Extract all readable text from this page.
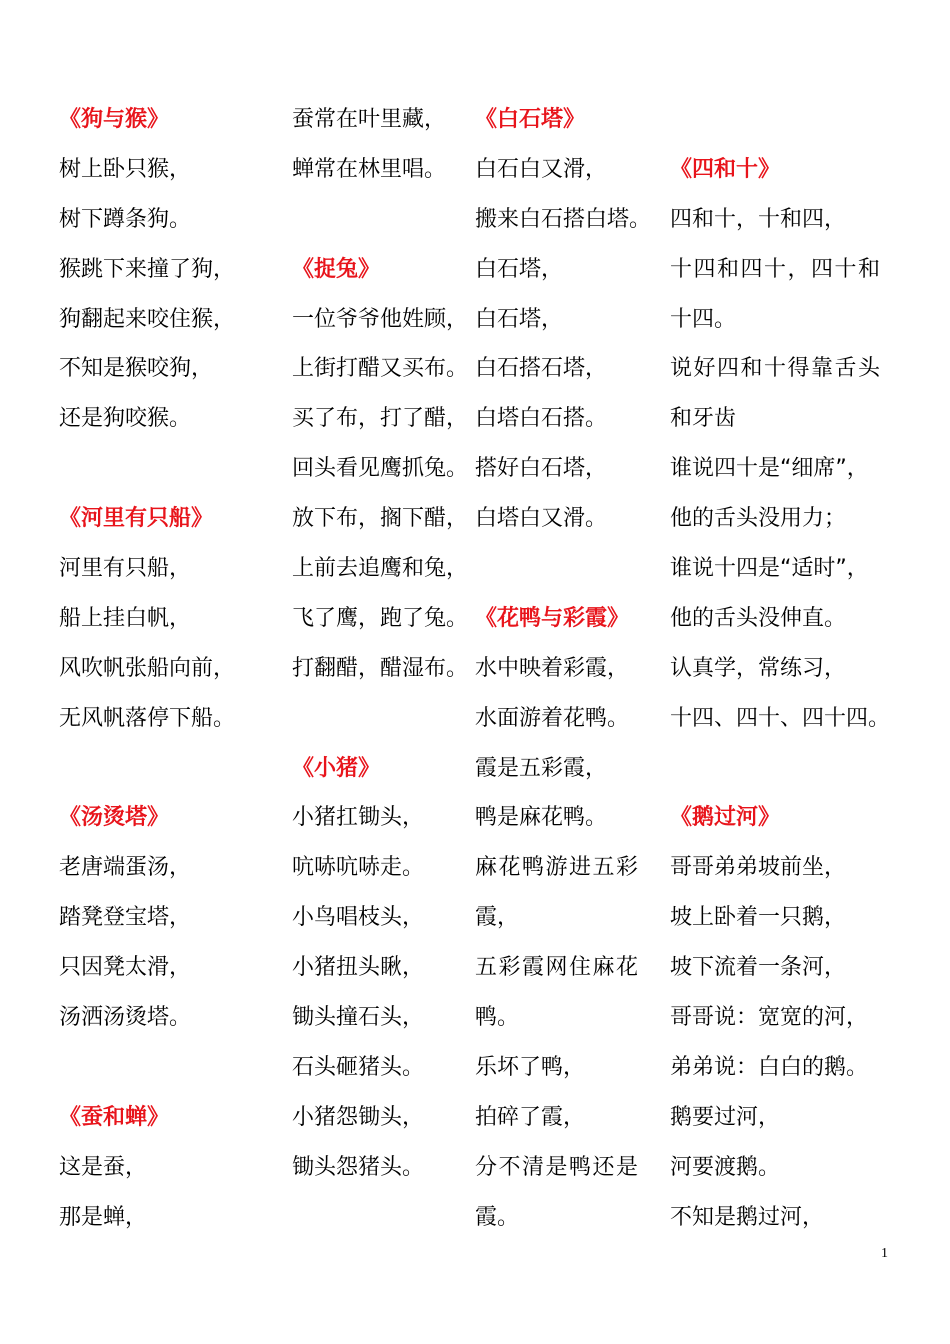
《狗与猴》
树上卧只猴，
树下蹲条狗。
猴跳下来撞了狗，
狗翻起来咬住猴，
不知是猴咬狗，
还是狗咬猴。
《河里有只船》
河里有只船，
船上挂白帆，
风吹帆张船向前，
无风帆落停下船。
《汤烫塔》
老唐端蛋汤，
踏凳登宝塔，
只因凳太滑，
汤洒汤烫塔。
《蚕和蝉》
这是蚕，
那是蝉，
蚕常在叶里藏，
蝉常在林里唱。
《捉兔》
一位爷爷他姓顾，
上街打醋又买布。
买了布，打了醋，
回头看见鹰抓兔。
放下布，搁下醋，
上前去追鹰和兔，
飞了鹰，跑了兔。
打翻醋，醋湿布。
《小猪》
小猪扛锄头，
吭哧吭哧走。
小鸟唱枝头，
小猪扭头瞅，
锄头撞石头，
石头砸猪头。
小猪怨锄头，
锄头怨猪头。
《白石塔》
白石白又滑，
搬来白石搭白塔。
白石塔，
白石塔，
白石搭石塔，
白塔白石搭。
搭好白石塔，
白塔白又滑。
《花鸭与彩霞》
水中映着彩霞，
水面游着花鸭。
霞是五彩霞，
鸭是麻花鸭。
麻花鸭游进五彩
霞，
五彩霞网住麻花
鸭。
乐坏了鸭，
拍碎了霞，
分不清是鸭还是
霞。
《四和十》
四和十，十和四，
十四和四十，四十和
十四。
说好四和十得靠舌头
和牙齿
谁说四十是“细席”，
他的舌头没用力；
谁说十四是“适时”，
他的舌头没伸直。
认真学，常练习，
十四、四十、四十四。
《鹅过河》
哥哥弟弟坡前坐，
坡上卧着一只鹅，
坡下流着一条河，
哥哥说：宽宽的河，
弟弟说：白白的鹅。
鹅要过河，
河要渡鹅。
不知是鹅过河，
1
